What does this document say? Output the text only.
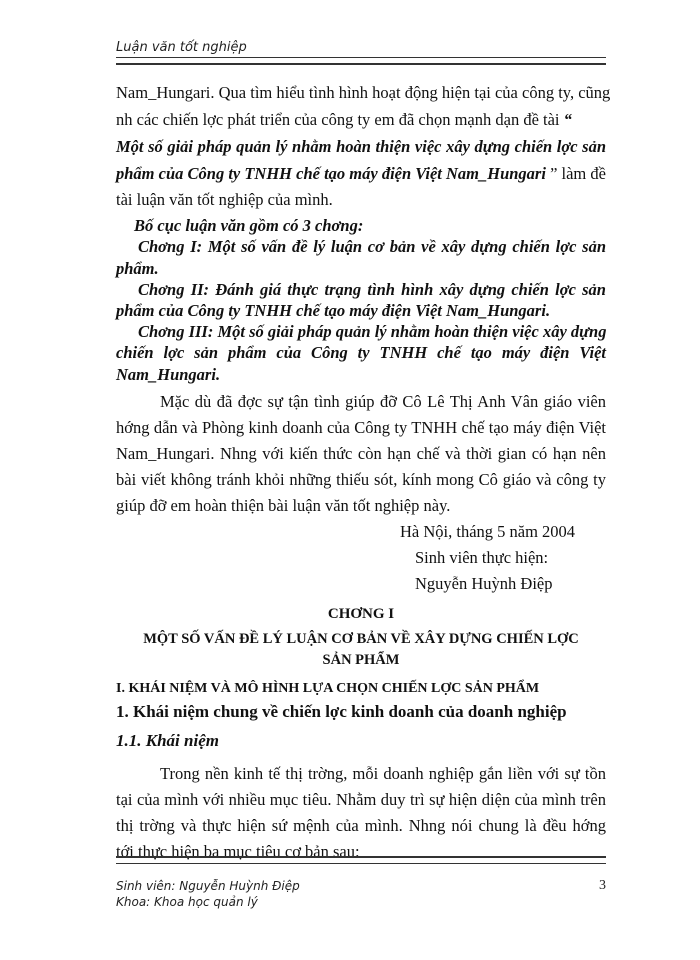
Luận văn tốt nghiệp
Nam_Hungari. Qua tìm hiểu tình hình hoạt động hiện tại của công ty, cũng
nh các chiến lợc phát triển của công ty em đã chọn mạnh dạn đề tài “
Một số giải pháp quản lý nhằm hoàn thiện việc xây dựng chiến lợc sản
phẩm của Công ty TNHH chế tạo máy điện Việt Nam_Hungari ” làm đề
tài luận văn tốt nghiệp của mình.
Bố cục luận văn gồm có 3 chơng:
Chơng I: Một số vấn đề lý luận cơ bản về xây dựng chiến lợc sản
phẩm.
Chơng II: Đánh giá thực trạng tình hình xây dựng chiến lợc sản
phẩm của Công ty TNHH chế tạo máy điện Việt Nam_Hungari.
Chơng III: Một số giải pháp quản lý nhằm hoàn thiện việc xây dựng
chiến lợc sản phẩm của Công ty TNHH chế tạo máy điện Việt
Nam_Hungari.
Mặc dù đã đợc sự tận tình giúp đỡ Cô Lê Thị Anh Vân giáo viên
hớng dẫn và Phòng kinh doanh của Công ty TNHH chế tạo máy điện Việt
Nam_Hungari. Nhng với kiến thức còn hạn chế và thời gian có hạn nên
bài viết không tránh khỏi những thiếu sót, kính mong Cô giáo và công ty
giúp đỡ em hoàn thiện bài luận văn tốt nghiệp này.
Hà Nội, tháng 5 năm 2004
Sinh viên thực hiện:
Nguyễn Huỳnh Điệp
CHƠNG I
MỘT SỐ VẤN ĐỀ LÝ LUẬN CƠ BẢN VỀ XÂY DỰNG CHIẾN LỢC
SẢN PHẨM
I. KHÁI NIỆM VÀ MÔ HÌNH LỰA CHỌN CHIẾN LỢC SẢN PHẨM
1. Khái niệm chung về chiến lợc kinh doanh của doanh nghiệp
1.1. Khái niệm
Trong nền kinh tế thị trờng, mỗi doanh nghiệp gắn liền với sự tồn
tại của mình với nhiều mục tiêu. Nhằm duy trì sự hiện diện của mình trên
thị trờng và thực hiện sứ mệnh của mình. Nhng nói chung là đều hớng
tới thực hiện ba mục tiêu cơ bản sau:
Sinh viên: Nguyễn Huỳnh Điệp
Khoa: Khoa học quản lý
3
